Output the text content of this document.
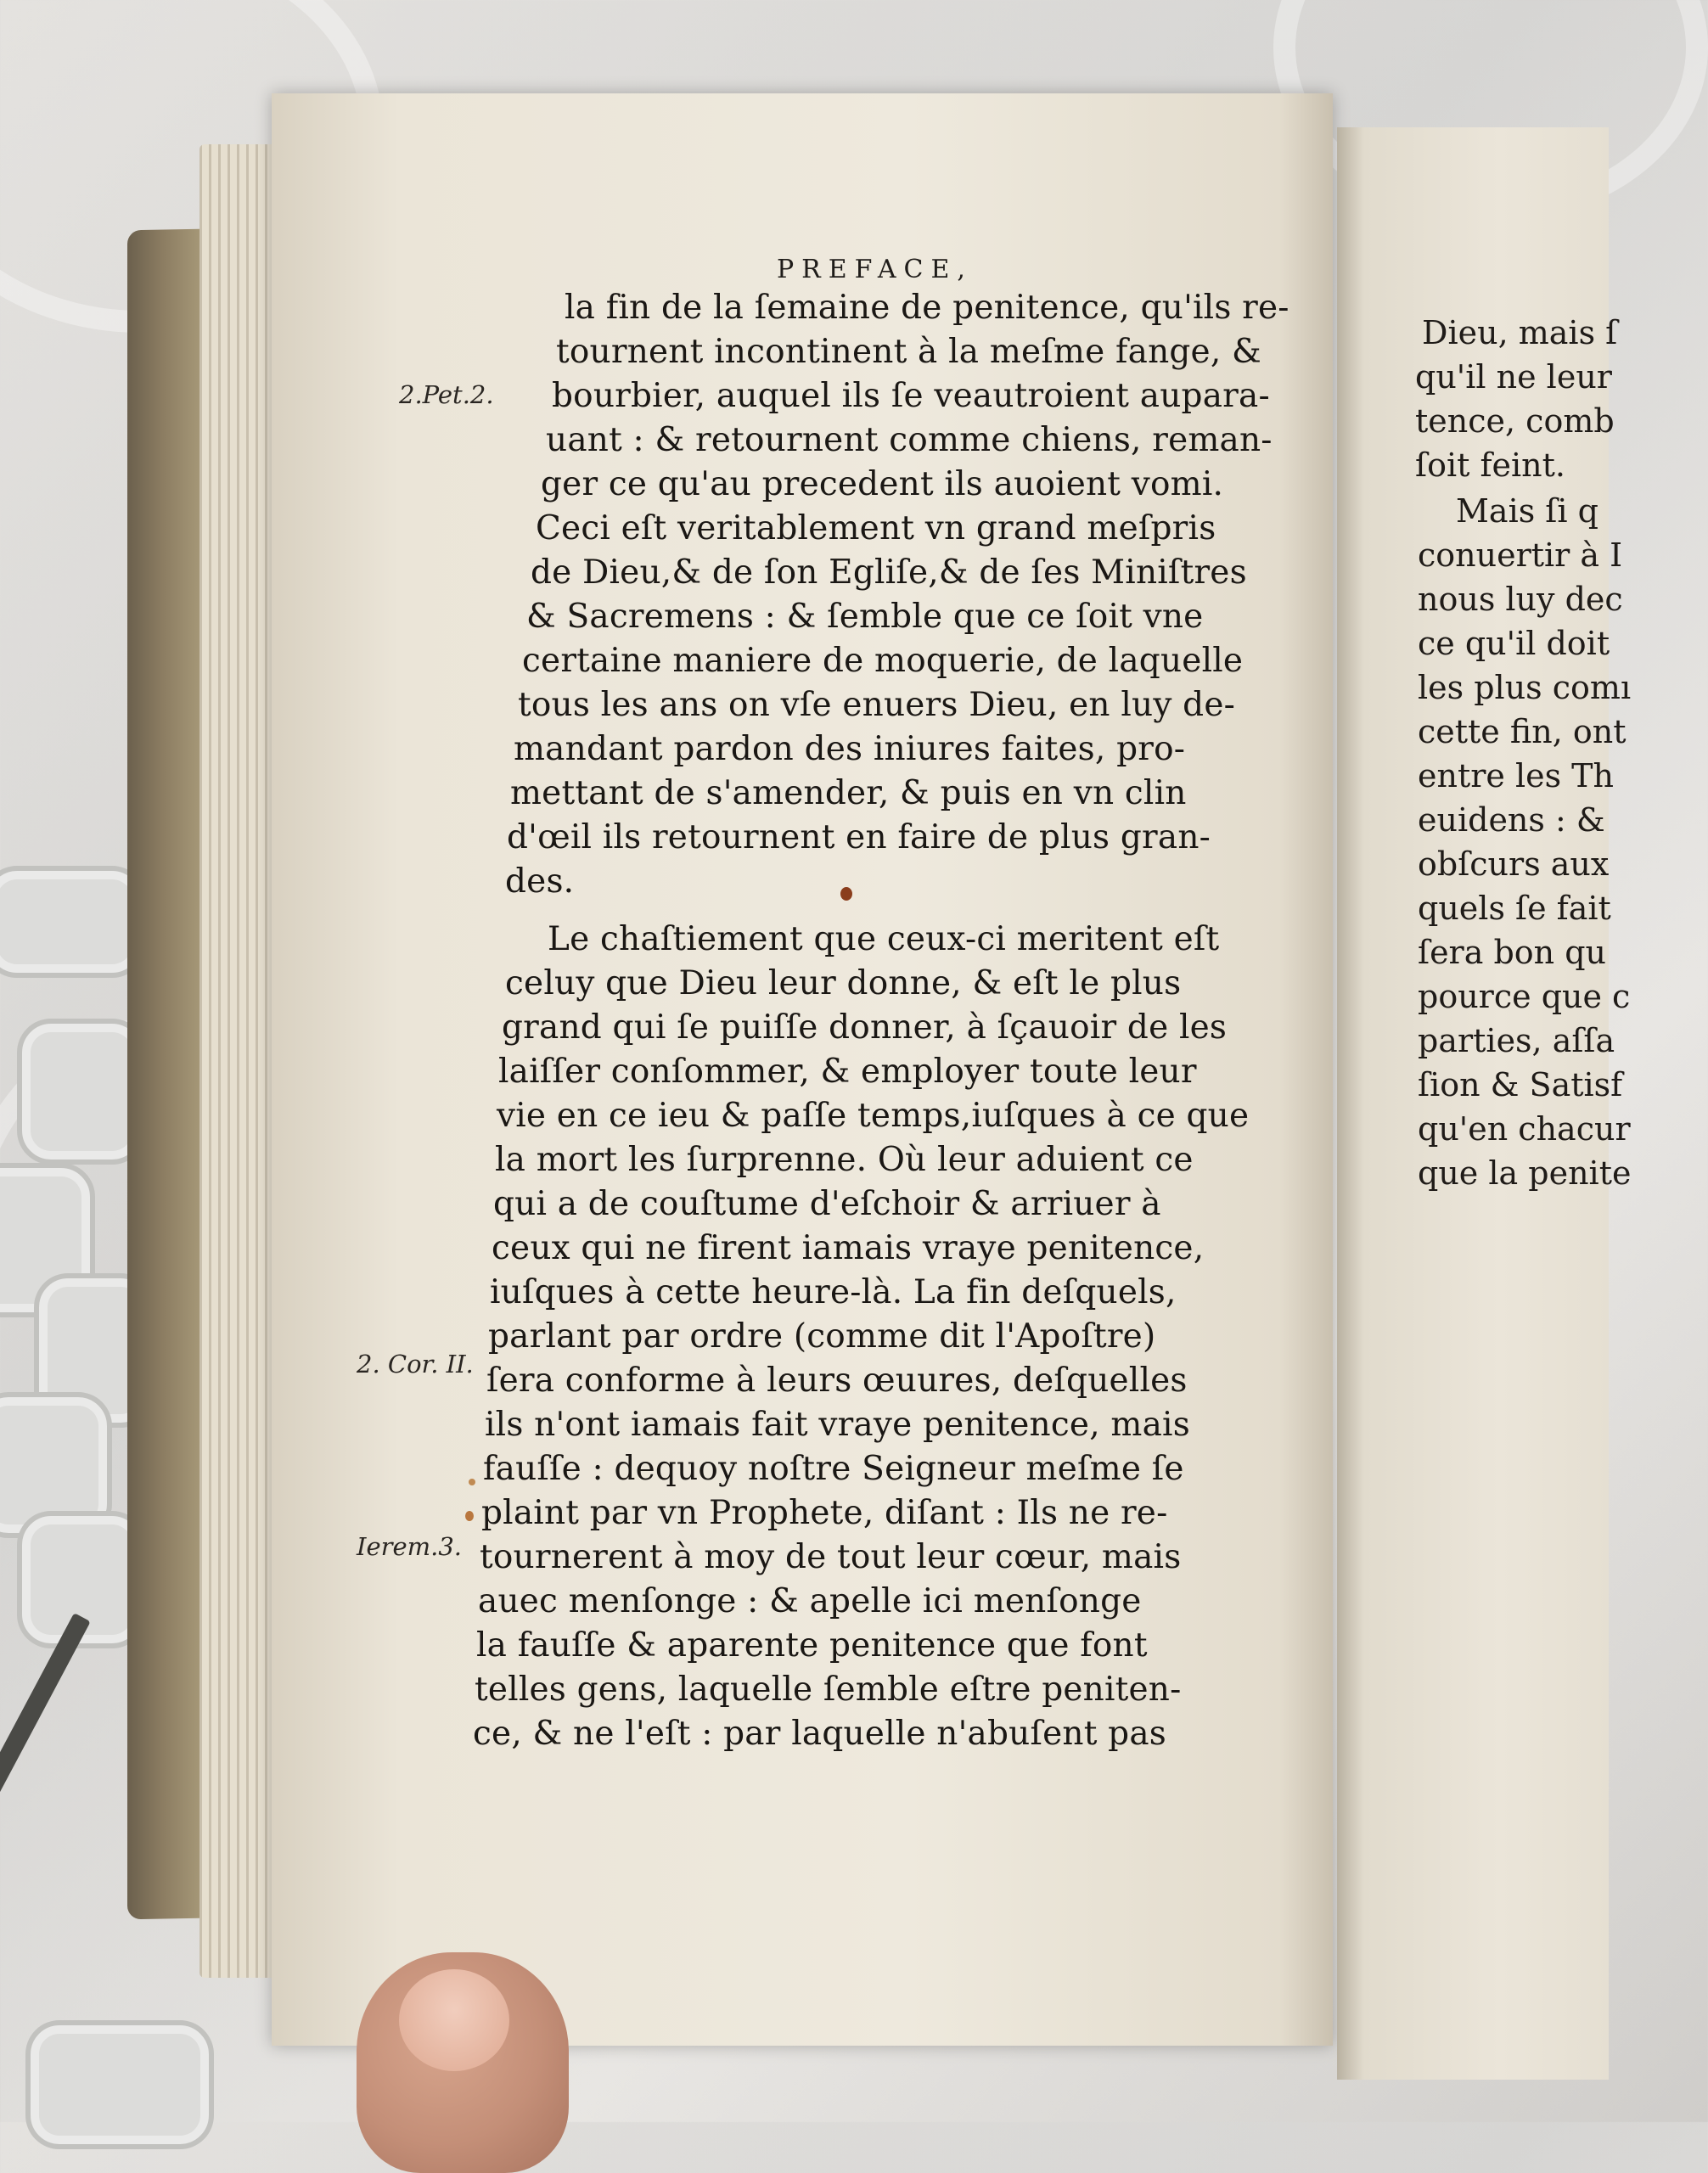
PREFACE,
2.Pet.2.
2. Cor. II.
Ierem.3.
la fin de la ſemaine de penitence, qu'ils re-
tournent incontinent à la meſme fange, &
bourbier, auquel ils ſe veautroient aupara-
uant : & retournent comme chiens, reman-
ger ce qu'au precedent ils auoient vomi.
Ceci eſt veritablement vn grand meſpris
de Dieu,& de ſon Egliſe,& de ſes Miniſtres
& Sacremens : & ſemble que ce ſoit vne
certaine maniere de moquerie, de laquelle
tous les ans on vſe enuers Dieu, en luy de-
mandant pardon des iniures faites, pro-
mettant de s'amender, & puis en vn clin
d'œil ils retournent en faire de plus gran-
des.
Le chaſtiement que ceux-ci meritent eſt
celuy que Dieu leur donne, & eſt le plus
grand qui ſe puiſſe donner, à ſçauoir de les
laiſſer conſommer, & employer toute leur
vie en ce ieu & paſſe temps,iuſques à ce que
la mort les ſurprenne. Où leur aduient ce
qui a de couſtume d'eſchoir & arriuer à
ceux qui ne firent iamais vraye penitence,
iuſques à cette heure-là. La fin deſquels,
parlant par ordre (comme dit l'Apoſtre)
ſera conforme à leurs œuures, deſquelles
ils n'ont iamais fait vraye penitence, mais
fauſſe : dequoy noſtre Seigneur meſme ſe
plaint par vn Prophete, diſant : Ils ne re-
tournerent à moy de tout leur cœur, mais
auec menſonge : & apelle ici menſonge
la fauſſe & aparente penitence que font
telles gens, laquelle ſemble eſtre peniten-
ce, & ne l'eſt : par laquelle n'abuſent pas
Dieu, mais ſ
qu'il ne leur
tence, comb
ſoit feint.
Mais ſi q
conuertir à I
nous luy dec
ce qu'il doit
les plus comı
cette fin, ont
entre les Th
euidens : &
obſcurs aux
quels ſe fait
ſera bon qu
pource que c
parties, aſſa
ſion & Satisf
qu'en chacur
que la penite
